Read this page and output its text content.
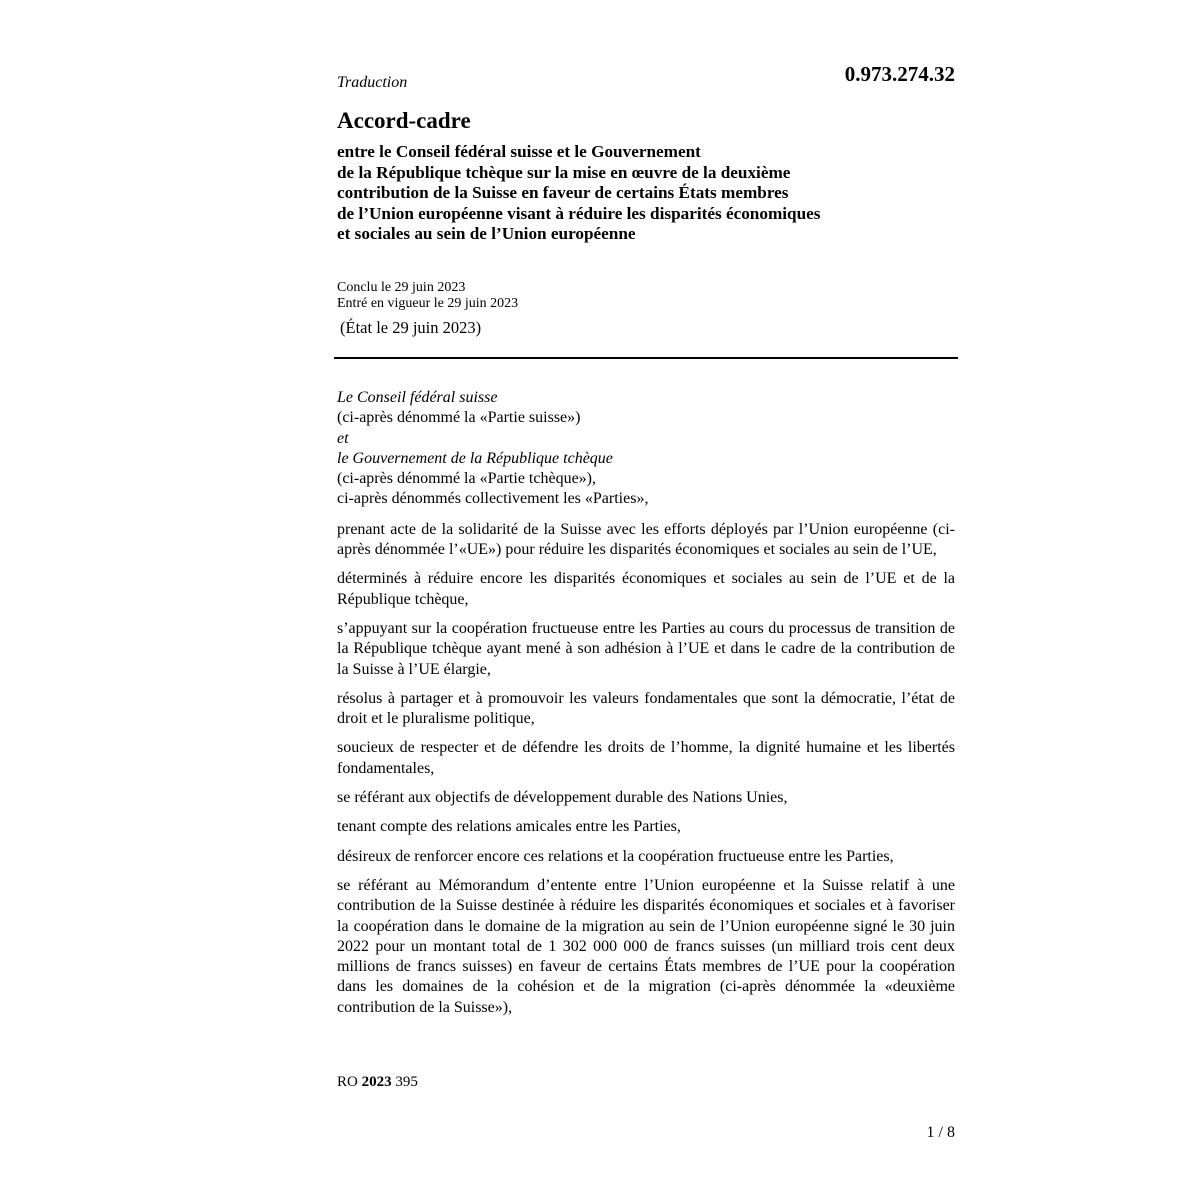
0.973.274.32
Traduction
Accord-cadre
entre le Conseil fédéral suisse et le Gouvernement
de la République tchèque sur la mise en œuvre de la deuxième
contribution de la Suisse en faveur de certains États membres
de l’Union européenne visant à réduire les disparités économiques
et sociales au sein de l’Union européenne
Conclu le 29 juin 2023
Entré en vigueur le 29 juin 2023
(État le 29 juin 2023)
Le Conseil fédéral suisse
(ci-après dénommé la «Partie suisse»)
et
le Gouvernement de la République tchèque
(ci-après dénommé la «Partie tchèque»),
ci-après dénommés collectivement les «Parties»,
prenant acte de la solidarité de la Suisse avec les efforts déployés par l’Union européenne (ci-après dénommée l’«UE») pour réduire les disparités économiques et sociales au sein de l’UE,
déterminés à réduire encore les disparités économiques et sociales au sein de l’UE et de la République tchèque,
s’appuyant sur la coopération fructueuse entre les Parties au cours du processus de transition de la République tchèque ayant mené à son adhésion à l’UE et dans le cadre de la contribution de la Suisse à l’UE élargie,
résolus à partager et à promouvoir les valeurs fondamentales que sont la démocratie, l’état de droit et le pluralisme politique,
soucieux de respecter et de défendre les droits de l’homme, la dignité humaine et les libertés fondamentales,
se référant aux objectifs de développement durable des Nations Unies,
tenant compte des relations amicales entre les Parties,
désireux de renforcer encore ces relations et la coopération fructueuse entre les Parties,
se référant au Mémorandum d’entente entre l’Union européenne et la Suisse relatif à une contribution de la Suisse destinée à réduire les disparités économiques et sociales et à favoriser la coopération dans le domaine de la migration au sein de l’Union européenne signé le 30 juin 2022 pour un montant total de 1 302 000 000 de francs suisses (un milliard trois cent deux millions de francs suisses) en faveur de certains États membres de l’UE pour la coopération dans les domaines de la cohésion et de la migration (ci-après dénommée la «deuxième contribution de la Suisse»),
RO 2023 395
1 / 8
